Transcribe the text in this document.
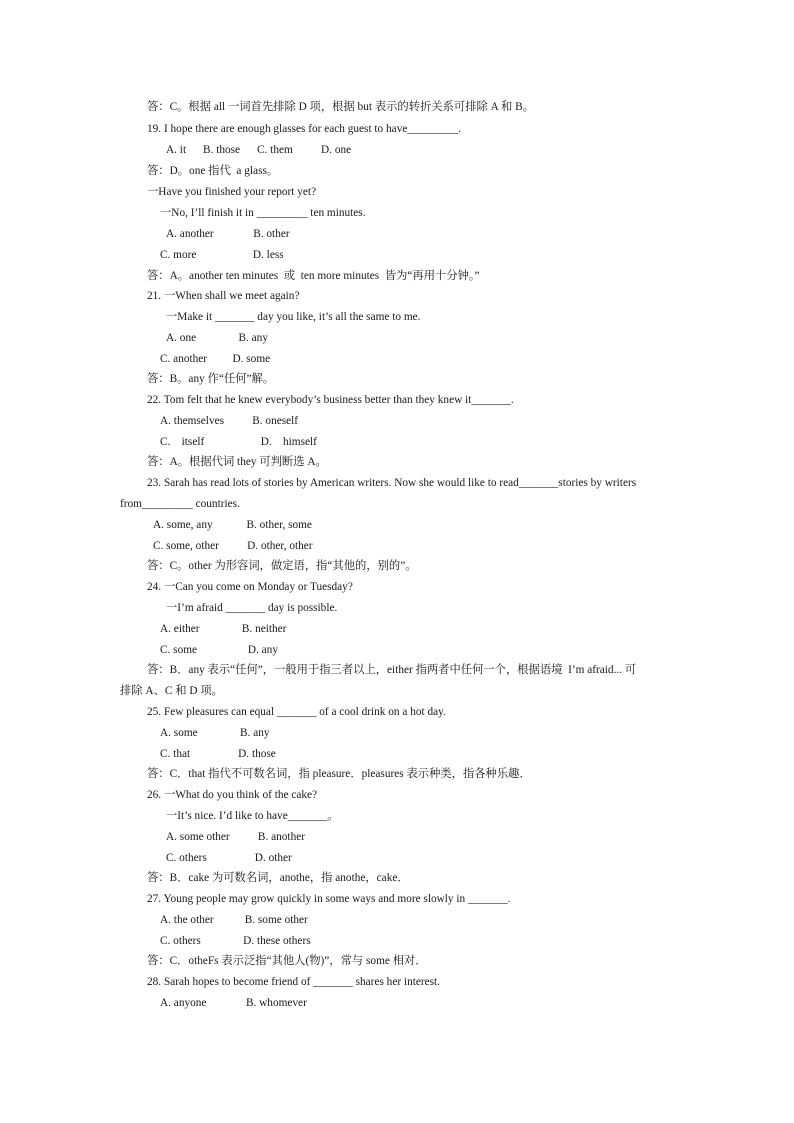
答：C。根据 all 一词首先排除 D 项，根据 but 表示的转折关系可排除 A 和 B。
19. I hope there are enough glasses for each guest to have_________.
A. it      B. those      C. them          D. one
答：D。one 指代  a glass。
一Have you finished your report yet?
一No, I’ll finish it in _________ ten minutes.
A. another              B. other
C. more                    D. less
答：A。another ten minutes  或  ten more minutes  皆为“再用十分钟。”
21. 一When shall we meet again?
一Make it _______ day you like, it’s all the same to me.
A. one               B. any
C. another         D. some
答：B。any 作“任何”解。
22. Tom felt that he knew everybody’s business better than they knew it_______.
A. themselves          B. oneself
C.    itself                    D.    himself
答：A。根据代词 they 可判断选 A。
23. Sarah has read lots of stories by American writers. Now she would like to read_______stories by writers
from_________ countries.
A. some, any            B. other, some
C. some, other          D. other, other
答：C。other 为形容词，做定语，指“其他的，别的”。
24. 一Can you come on Monday or Tuesday?
一I’m afraid _______ day is possible.
A. either               B. neither
C. some                  D. any
答：B．any 表示“任何”，一般用于指三者以上，either 指两者中任何一个，根据语境  I’m afraid... 可
排除 A、C 和 D 项。
25. Few pleasures can equal _______ of a cool drink on a hot day.
A. some               B. any
C. that                 D. those
答：C．that 指代不可数名词，指 pleasure．pleasures 表示种类，指各种乐趣．
26. 一What do you think of the cake?
一It’s nice. I’d like to have_______。
A. some other          B. another
C. others                 D. other
答：B．cake 为可数名词，anothe，指 anothe，cake．
27. Young people may grow quickly in some ways and more slowly in _______.
A. the other           B. some other
C. others               D. these others
答：C．otheFs 表示泛指“其他人(物)”，常与 some 相对．
28. Sarah hopes to become friend of _______ shares her interest.
A. anyone              B. whomever
